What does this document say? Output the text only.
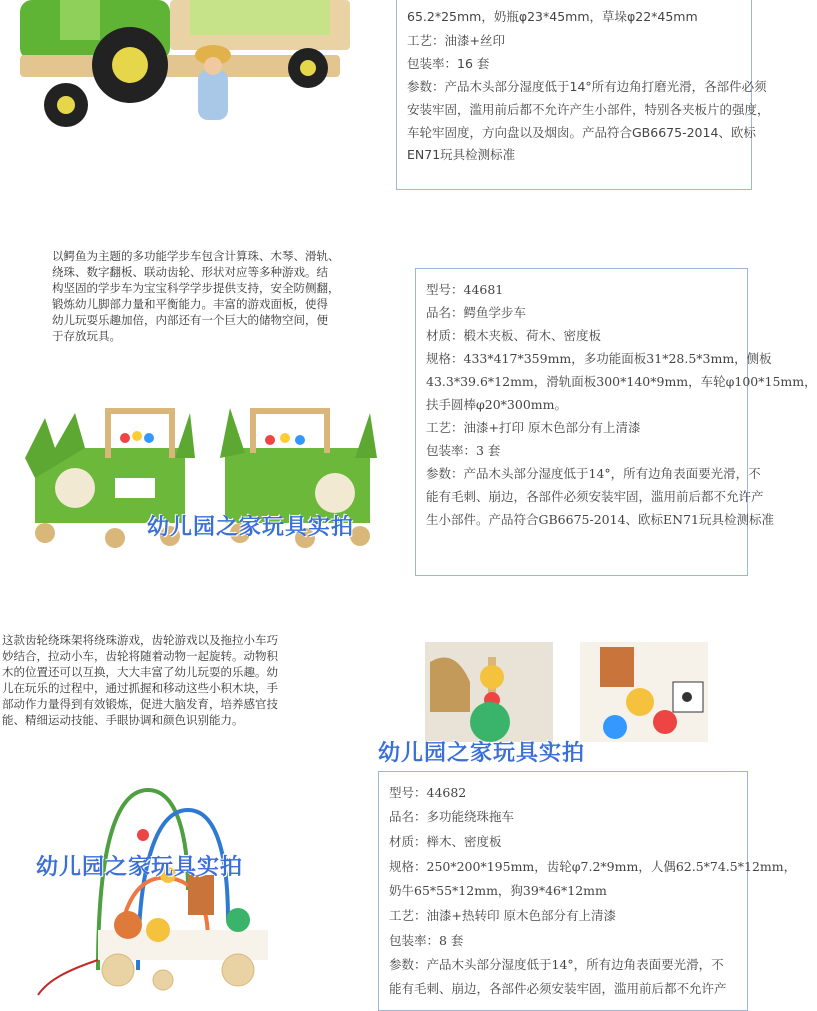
65.2*25mm，奶瓶φ23*45mm，草垛φ22*45mm
工艺：油漆+丝印
包装率：16 套
参数：产品木头部分湿度低于14°所有边角打磨光滑，各部件必须
安装牢固，滥用前后都不允许产生小部件，特别各夹板片的强度，
车轮牢固度，方向盘以及烟囱。产品符合GB6675-2014、欧标
EN71玩具检测标准
以鳄鱼为主题的多功能学步车包含计算珠、木琴、滑轨、
绕珠、数字翻板、联动齿轮、形状对应等多种游戏。结
构坚固的学步车为宝宝科学学步提供支持，安全防侧翻，
锻炼幼儿脚部力量和平衡能力。丰富的游戏面板，使得
幼儿玩耍乐趣加倍，内部还有一个巨大的储物空间，便
于存放玩具。
幼儿园之家玩具实拍
型号：44681
品名：鳄鱼学步车
材质：椴木夹板、荷木、密度板
规格：433*417*359mm，多功能面板31*28.5*3mm，侧板
43.3*39.6*12mm，滑轨面板300*140*9mm，车轮φ100*15mm，
扶手圆棒φ20*300mm。
工艺：油漆+打印 原木色部分有上清漆
包装率：3 套
参数：产品木头部分湿度低于14°，所有边角表面要光滑，不
能有毛刺、崩边，各部件必须安装牢固，滥用前后都不允许产
生小部件。产品符合GB6675-2014、欧标EN71玩具检测标准
这款齿轮绕珠架将绕珠游戏，齿轮游戏以及拖拉小车巧
妙结合，拉动小车，齿轮将随着动物一起旋转。动物积
木的位置还可以互换，大大丰富了幼儿玩耍的乐趣。幼
儿在玩乐的过程中，通过抓握和移动这些小积木块，手
部动作力量得到有效锻炼，促进大脑发育，培养感官技
能、精细运动技能、手眼协调和颜色识别能力。
幼儿园之家玩具实拍
幼儿园之家玩具实拍
型号：44682
品名：多功能绕珠拖车
材质：榉木、密度板
规格：250*200*195mm，齿轮φ7.2*9mm，人偶62.5*74.5*12mm，
奶牛65*55*12mm，狗39*46*12mm
工艺：油漆+热转印 原木色部分有上清漆
包装率：8 套
参数：产品木头部分湿度低于14°，所有边角表面要光滑，不
能有毛刺、崩边，各部件必须安装牢固，滥用前后都不允许产
